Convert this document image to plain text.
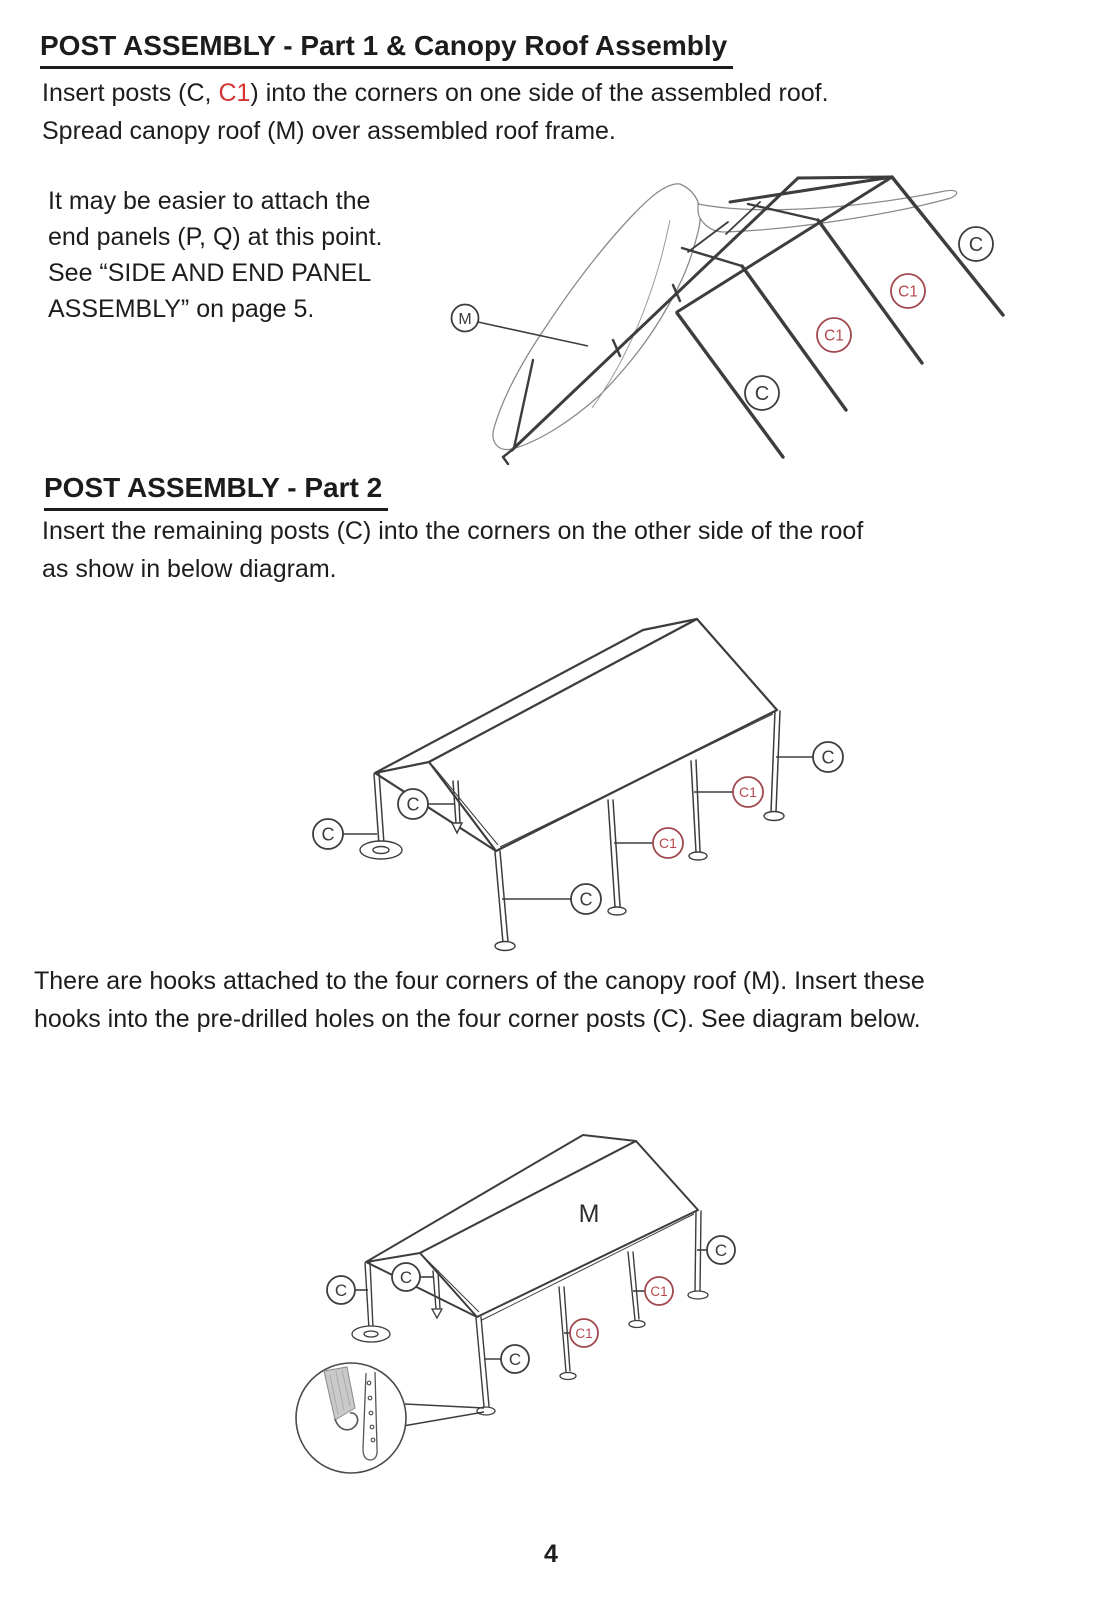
POST ASSEMBLY - Part 1 & Canopy Roof Assembly
Insert posts (C, C1) into the corners on one side of the assembled roof.
Spread canopy roof (M) over assembled roof frame.
It may be easier to attach the
end panels (P, Q) at this point.
See “SIDE AND END PANEL
ASSEMBLY” on page 5.	M
C
C1
C1
C
POST ASSEMBLY - Part 2
Insert the remaining posts (C) into the corners on the other side of the roof
as show in below diagram.
C
C
C
C1
C1
C
There are hooks attached to the four corners of the canopy roof (M). Insert these
hooks into the pre-drilled holes on the four corner posts (C). See diagram below.
M
C
C
C
C1
C1
C
4
